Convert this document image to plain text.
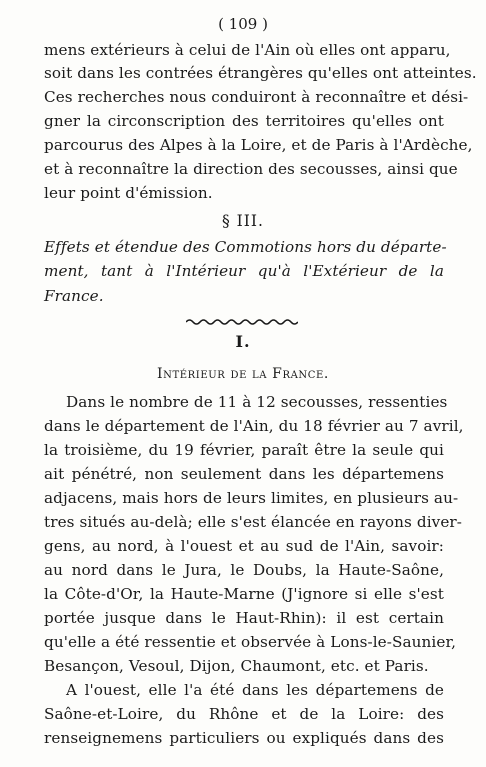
( 109 )
mens extérieurs à celui de l'Ain où elles ont apparu,
soit dans les contrées étrangères qu'elles ont atteintes.
Ces recherches nous conduiront à reconnaître et dési-
gner la circonscription des territoires qu'elles ont
parcourus des Alpes à la Loire, et de Paris à l'Ardèche,
et à reconnaître la direction des secousses, ainsi que
leur point d'émission.
§ III.
Effets et étendue des Commotions hors du départe-
ment, tant à l'Intérieur qu'à l'Extérieur de la
France.
I.
Intérieur de la France.
Dans le nombre de 11 à 12 secousses, ressenties
dans le département de l'Ain, du 18 février au 7 avril,
la troisième, du 19 février, paraît être la seule qui
ait pénétré, non seulement dans les départemens
adjacens, mais hors de leurs limites, en plusieurs au-
tres situés au-delà; elle s'est élancée en rayons diver-
gens, au nord, à l'ouest et au sud de l'Ain, savoir:
au nord dans le Jura, le Doubs, la Haute-Saône,
la Côte-d'Or, la Haute-Marne (J'ignore si elle s'est
portée jusque dans le Haut-Rhin): il est certain
qu'elle a été ressentie et observée à Lons-le-Saunier,
Besançon, Vesoul, Dijon, Chaumont, etc. et Paris.
A l'ouest, elle l'a été dans les départemens de
Saône-et-Loire, du Rhône et de la Loire: des
renseignemens particuliers ou expliqués dans des
